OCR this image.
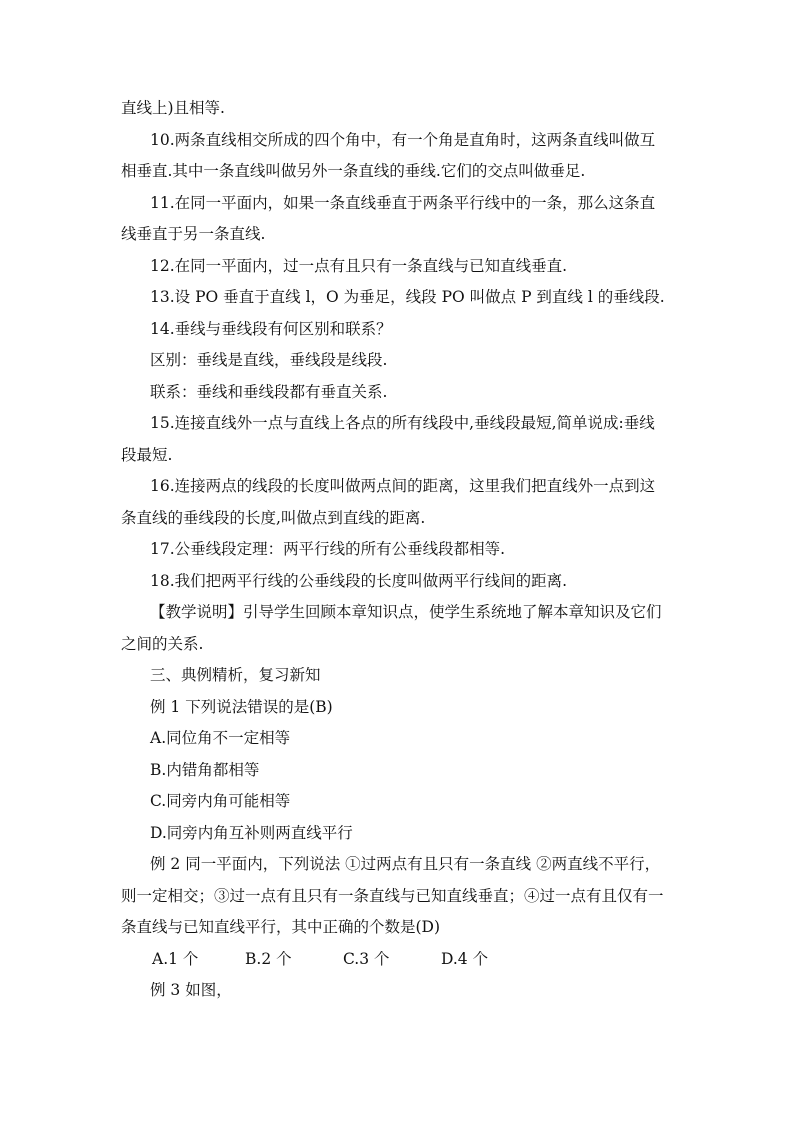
直线上)且相等.
10.两条直线相交所成的四个角中，有一个角是直角时，这两条直线叫做互
相垂直.其中一条直线叫做另外一条直线的垂线.它们的交点叫做垂足.
11.在同一平面内，如果一条直线垂直于两条平行线中的一条，那么这条直
线垂直于另一条直线.
12.在同一平面内，过一点有且只有一条直线与已知直线垂直.
13.设 PO 垂直于直线 l，O 为垂足，线段 PO 叫做点 P 到直线 l 的垂线段.
14.垂线与垂线段有何区别和联系？
区别：垂线是直线，垂线段是线段.
联系：垂线和垂线段都有垂直关系.
15.连接直线外一点与直线上各点的所有线段中,垂线段最短,简单说成:垂线
段最短.
16.连接两点的线段的长度叫做两点间的距离，这里我们把直线外一点到这
条直线的垂线段的长度,叫做点到直线的距离.
17.公垂线段定理：两平行线的所有公垂线段都相等.
18.我们把两平行线的公垂线段的长度叫做两平行线间的距离.
【教学说明】引导学生回顾本章知识点，使学生系统地了解本章知识及它们
之间的关系.
三、典例精析，复习新知
例 1 下列说法错误的是(B)
A.同位角不一定相等
B.内错角都相等
C.同旁内角可能相等
D.同旁内角互补则两直线平行
例 2 同一平面内，下列说法 ①过两点有且只有一条直线 ②两直线不平行，
则一定相交；③过一点有且只有一条直线与已知直线垂直；④过一点有且仅有一
条直线与已知直线平行，其中正确的个数是(D)
A.1 个	B.2 个	C.3 个	D.4 个
例 3 如图，
